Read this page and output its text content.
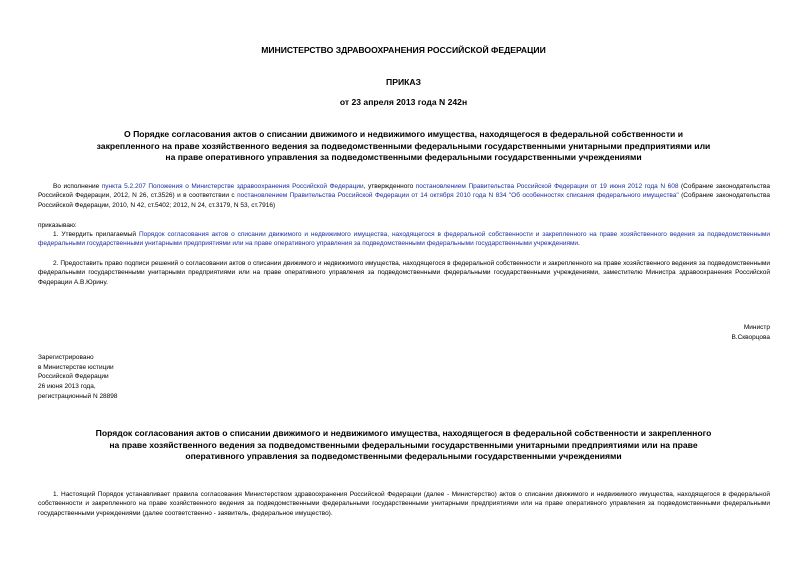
МИНИСТЕРСТВО ЗДРАВООХРАНЕНИЯ РОССИЙСКОЙ ФЕДЕРАЦИИ
ПРИКАЗ
от 23 апреля 2013 года N 242н
О Порядке согласования актов о списании движимого и недвижимого имущества, находящегося в федеральной собственности и закрепленного на праве хозяйственного ведения за подведомственными федеральными государственными унитарными предприятиями или на праве оперативного управления за подведомственными федеральными государственными учреждениями
Во исполнение пункта 5.2.207 Положения о Министерстве здравоохранения Российской Федерации, утвержденного постановлением Правительства Российской Федерации от 19 июня 2012 года N 608 (Собрание законодательства Российской Федерации, 2012, N 26, ст.3526) и в соответствии с постановлением Правительства Российской Федерации от 14 октября 2010 года N 834 "Об особенностях списания федерального имущества" (Собрание законодательства Российской Федерации, 2010, N 42, ст.5402; 2012, N 24, ст.3179, N 53, ст.7916)
приказываю:
1. Утвердить прилагаемый Порядок согласования актов о списании движимого и недвижимого имущества, находящегося в федеральной собственности и закрепленного на праве хозяйственного ведения за подведомственными федеральными государственными унитарными предприятиями или на праве оперативного управления за подведомственными федеральными государственными учреждениями.
2. Предоставить право подписи решений о согласовании актов о списании движимого и недвижимого имущества, находящегося в федеральной собственности и закрепленного на праве хозяйственного ведения за подведомственными федеральными государственными унитарными предприятиями или на праве оперативного управления за подведомственными федеральными государственными учреждениями, заместителю Министра здравоохранения Российской Федерации А.В.Юрину.
Министр
В.Скворцова
Зарегистрировано
в Министерстве юстиции
Российской Федерации
26 июня 2013 года,
регистрационный N 28898
Порядок согласования актов о списании движимого и недвижимого имущества, находящегося в федеральной собственности и закрепленного на праве хозяйственного ведения за подведомственными федеральными государственными унитарными предприятиями или на праве оперативного управления за подведомственными федеральными государственными учреждениями
1. Настоящий Порядок устанавливает правила согласования Министерством здравоохранения Российской Федерации (далее - Министерство) актов о списании движимого и недвижимого имущества, находящегося в федеральной собственности и закрепленного на праве хозяйственного ведения за подведомственными федеральными государственными унитарными предприятиями или на праве оперативного управления за подведомственными федеральными государственными учреждениями (далее соответственно - заявитель, федеральное имущество).
